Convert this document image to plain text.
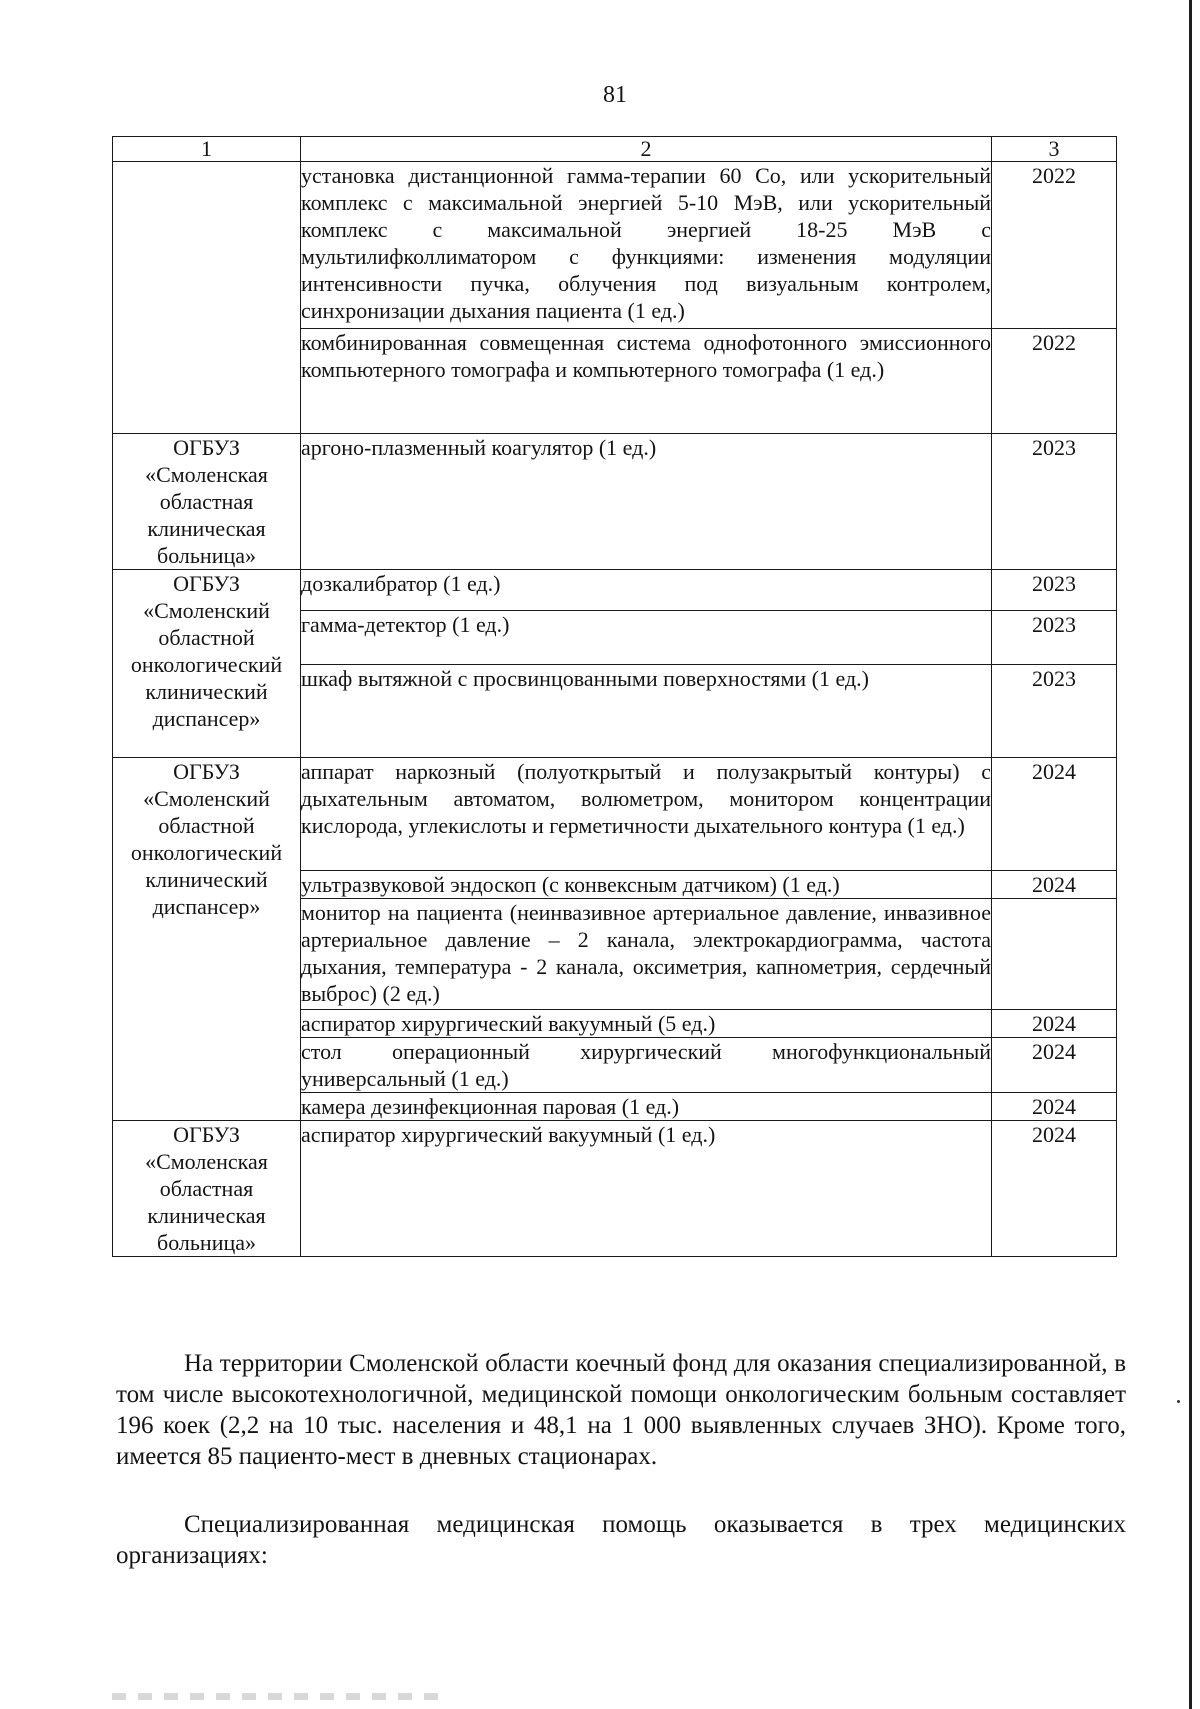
81
1	2	3
	установка дистанционной гамма-терапии 60 Со, или ускорительный комплекс с максимальной энергией 5-10 МэВ, или ускорительный комплекс с максимальной энергией 18-25 МэВ с мультилифколлиматором с функциями: изменения модуляции интенсивности пучка, облучения под визуальным контролем, синхронизации дыхания пациента (1 ед.)	2022
	комбинированная совмещенная система однофотонного эмиссионного компьютерного томографа и компьютерного томографа (1 ед.)	2022
ОГБУЗ «Смоленская областная клиническая больница»	аргоно-плазменный коагулятор (1 ед.)	2023
ОГБУЗ «Смоленский областной онкологический клинический диспансер»	дозкалибратор (1 ед.)	2023
	гамма-детектор (1 ед.)	2023
	шкаф вытяжной с просвинцованными поверхностями (1 ед.)	2023
ОГБУЗ «Смоленский областной онкологический клинический диспансер»	аппарат наркозный (полуоткрытый и полузакрытый контуры) с дыхательным автоматом, волюметром, монитором концентрации кислорода, углекислоты и герметичности дыхательного контура (1 ед.)	2024
	ультразвуковой эндоскоп (с конвексным датчиком) (1 ед.)	2024
	монитор на пациента (неинвазивное артериальное давление, инвазивное артериальное давление – 2 канала, электрокардиограмма, частота дыхания, температура - 2 канала, оксиметрия, капнометрия, сердечный выброс) (2 ед.)	
	аспиратор хирургический вакуумный (5 ед.)	2024
	стол операционный хирургический многофункциональный универсальный (1 ед.)	2024
	камера дезинфекционная паровая (1 ед.)	2024
ОГБУЗ «Смоленская областная клиническая больница»	аспиратор хирургический вакуумный (1 ед.)	2024

На территории Смоленской области коечный фонд для оказания специализированной, в том числе высокотехнологичной, медицинской помощи онкологическим больным составляет 196 коек (2,2 на 10 тыс. населения и 48,1 на 1 000 выявленных случаев ЗНО). Кроме того, имеется 85 пациенто-мест в дневных стационарах.

Специализированная медицинская помощь оказывается в трех медицинских организациях:
